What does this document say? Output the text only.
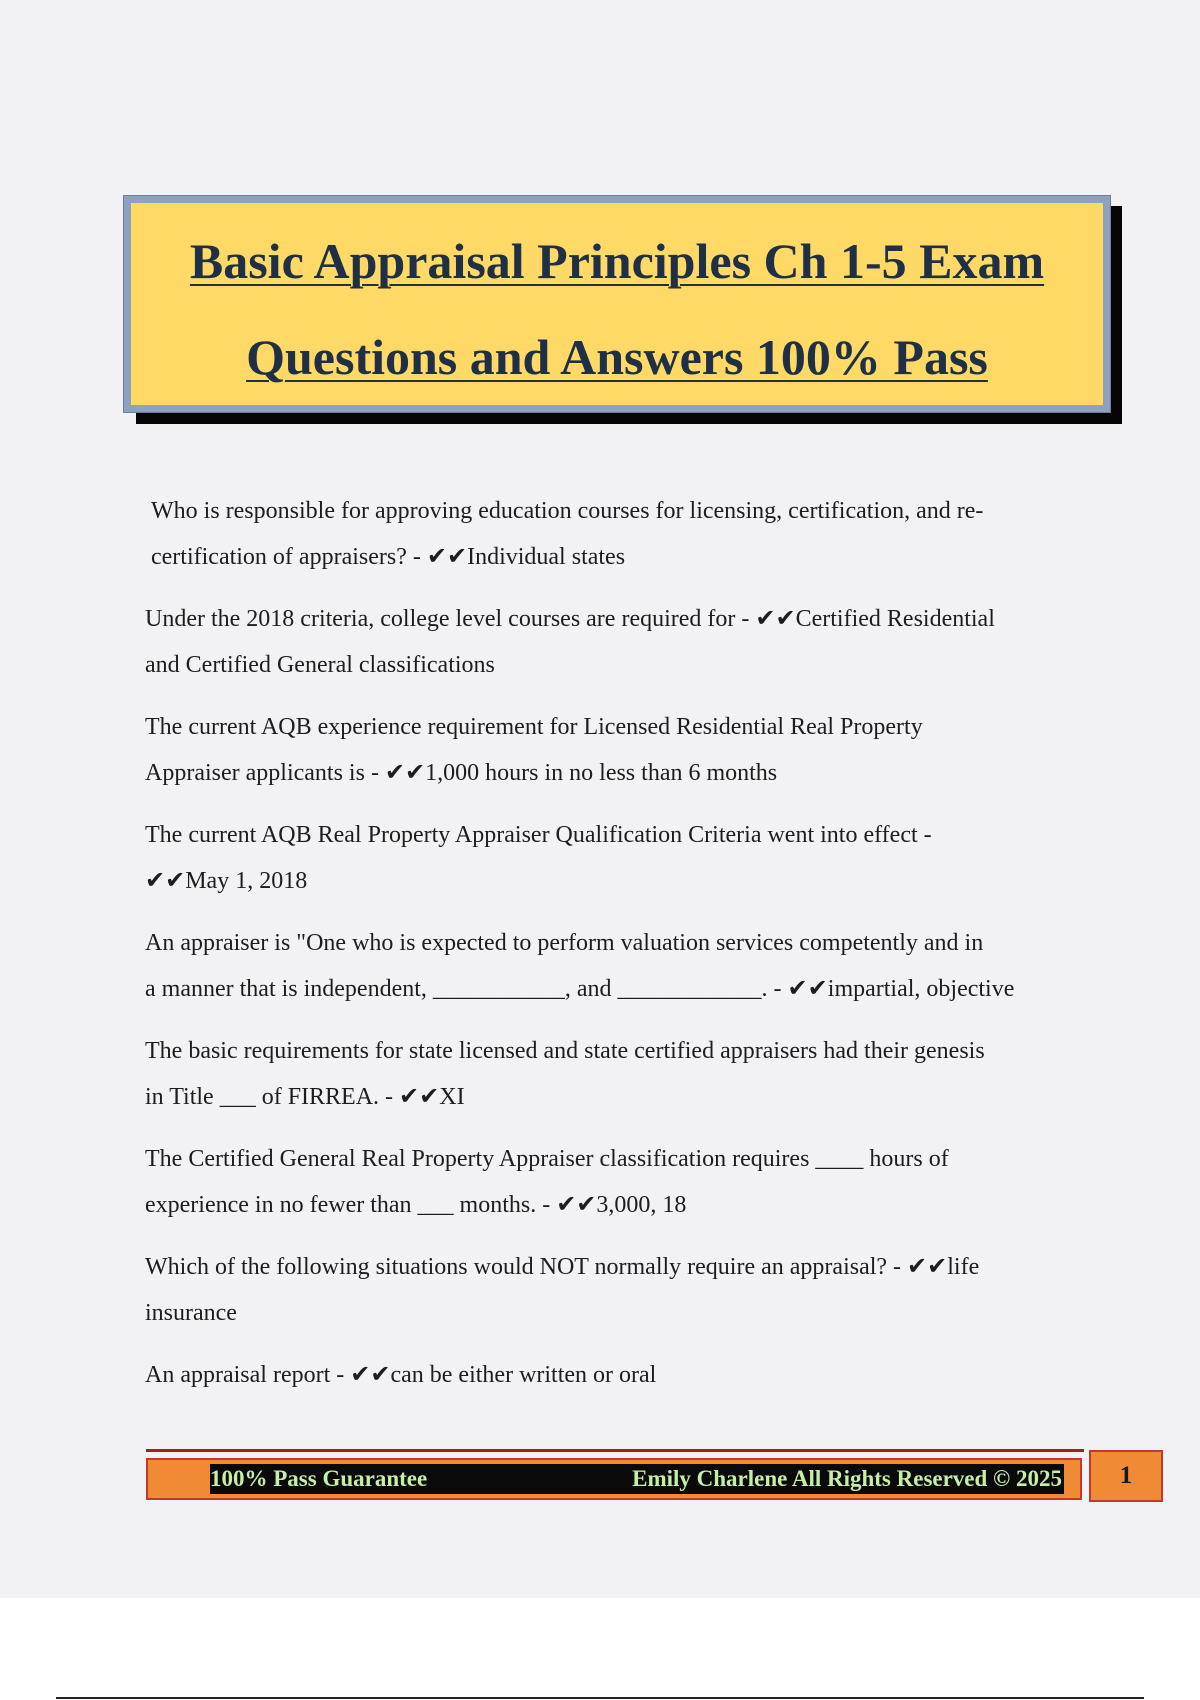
Basic Appraisal Principles Ch 1-5 Exam
Questions and Answers 100% Pass
Who is responsible for approving education courses for licensing, certification, and re-
certification of appraisers? - ✔✔Individual states
Under the 2018 criteria, college level courses are required for - ✔✔Certified Residential
and Certified General classifications
The current AQB experience requirement for Licensed Residential Real Property
Appraiser applicants is - ✔✔1,000 hours in no less than 6 months
The current AQB Real Property Appraiser Qualification Criteria went into effect -
✔✔May 1, 2018
An appraiser is "One who is expected to perform valuation services competently and in
a manner that is independent, ___________, and ____________. - ✔✔impartial, objective
The basic requirements for state licensed and state certified appraisers had their genesis
in Title ___ of FIRREA. - ✔✔XI
The Certified General Real Property Appraiser classification requires ____ hours of
experience in no fewer than ___ months. - ✔✔3,000, 18
Which of the following situations would NOT normally require an appraisal? - ✔✔life
insurance
An appraisal report - ✔✔can be either written or oral
100% Pass Guarantee	Emily Charlene All Rights Reserved © 2025	1
